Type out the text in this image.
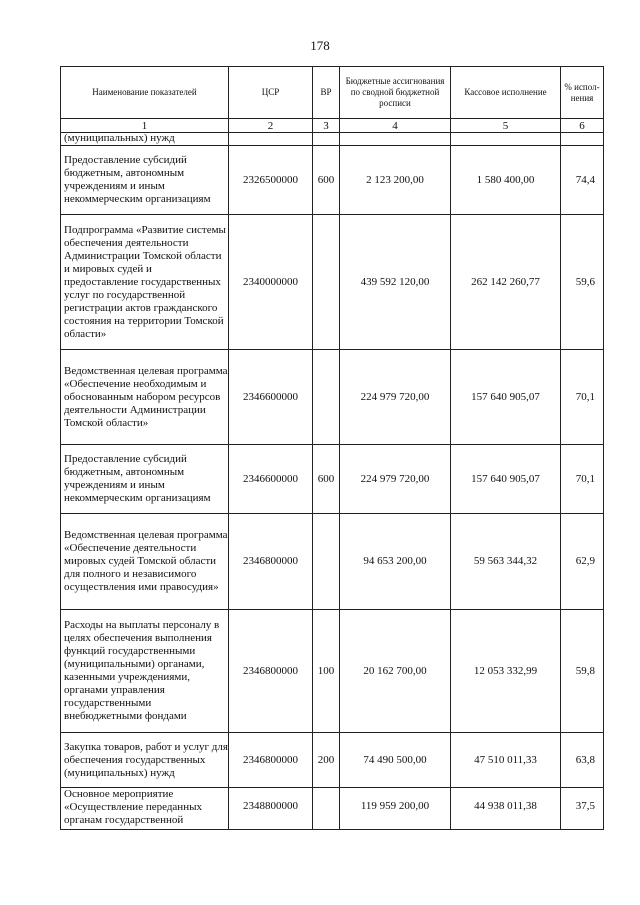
178
Наименование показателей	ЦСР	ВР	Бюджетные ассигнования по сводной бюджетной росписи	Кассовое исполнение	% испол-нения
1	2	3	4	5	6
(муниципальных) нужд					
Предоставление субсидий бюджетным, автономным учреждениям и иным некоммерческим организациям	2326500000	600	2 123 200,00	1 580 400,00	74,4
Подпрограмма «Развитие системы обеспечения деятельности Администрации Томской области и мировых судей и предоставление государственных услуг по государственной регистрации актов гражданского состояния на территории Томской области»	2340000000		439 592 120,00	262 142 260,77	59,6
Ведомственная целевая программа «Обеспечение необходимым и обоснованным набором ресурсов деятельности Администрации Томской области»	2346600000		224 979 720,00	157 640 905,07	70,1
Предоставление субсидий бюджетным, автономным учреждениям и иным некоммерческим организациям	2346600000	600	224 979 720,00	157 640 905,07	70,1
Ведомственная целевая программа «Обеспечение деятельности мировых судей Томской области для полного и независимого осуществления ими правосудия»	2346800000		94 653 200,00	59 563 344,32	62,9
Расходы на выплаты персоналу в целях обеспечения выполнения функций государственными (муниципальными) органами, казенными учреждениями, органами управления государственными внебюджетными фондами	2346800000	100	20 162 700,00	12 053 332,99	59,8
Закупка товаров, работ и услуг для обеспечения государственных (муниципальных) нужд	2346800000	200	74 490 500,00	47 510 011,33	63,8
Основное мероприятие «Осуществление переданных органам государственной	2348800000		119 959 200,00	44 938 011,38	37,5
